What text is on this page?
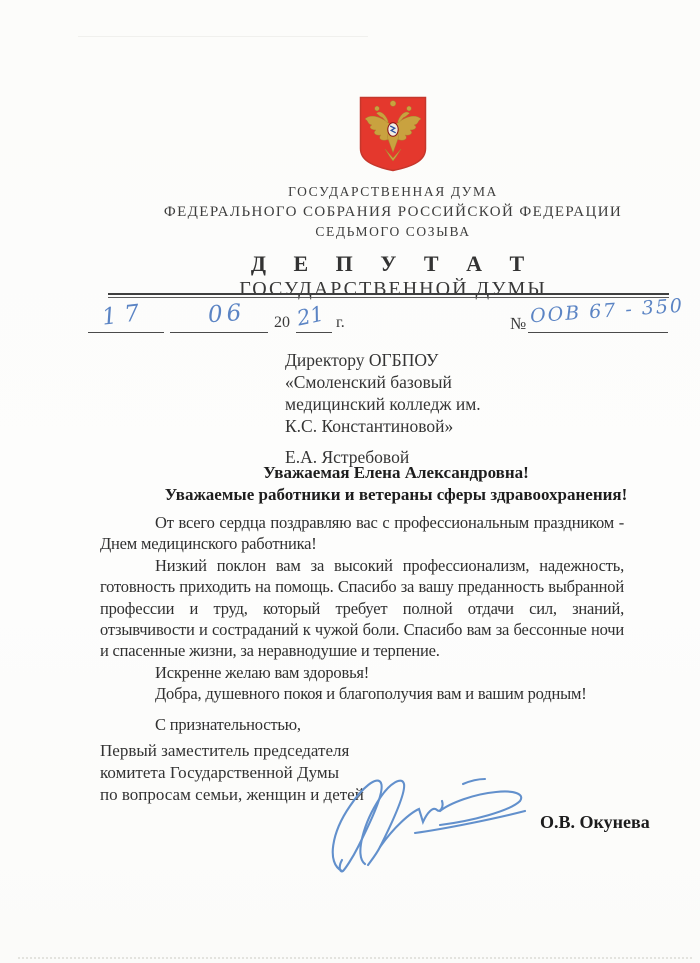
ГОСУДАРСТВЕННАЯ ДУМА
ФЕДЕРАЛЬНОГО СОБРАНИЯ РОССИЙСКОЙ ФЕДЕРАЦИИ
СЕДЬМОГО СОЗЫВА
Д Е П У Т А Т
ГОСУДАРСТВЕННОЙ ДУМЫ
20	г.	№
17	06 21	ООВ 67 - 350
Директору ОГБПОУ
«Смоленский базовый
медицинский колледж им.
К.С. Константиновой»
Е.А. Ястребовой
Уважаемая Елена Александровна!
Уважаемые работники и ветераны сферы здравоохранения!

От всего сердца поздравляю вас с профессиональным праздником - Днем медицинского работника!

Низкий поклон вам за высокий профессионализм, надежность, готовность приходить на помощь. Спасибо за вашу преданность выбранной профессии и труд, который требует полной отдачи сил, знаний, отзывчивости и состраданий к чужой боли. Спасибо вам за бессонные ночи и спасенные жизни, за неравнодушие и терпение.

Искренне желаю вам здоровья!

Добра, душевного покоя и благополучия вам и вашим родным!

С признательностью,

Первый заместитель председателя
комитета Государственной Думы
по вопросам семьи, женщин и детей
О.В. Окунева
